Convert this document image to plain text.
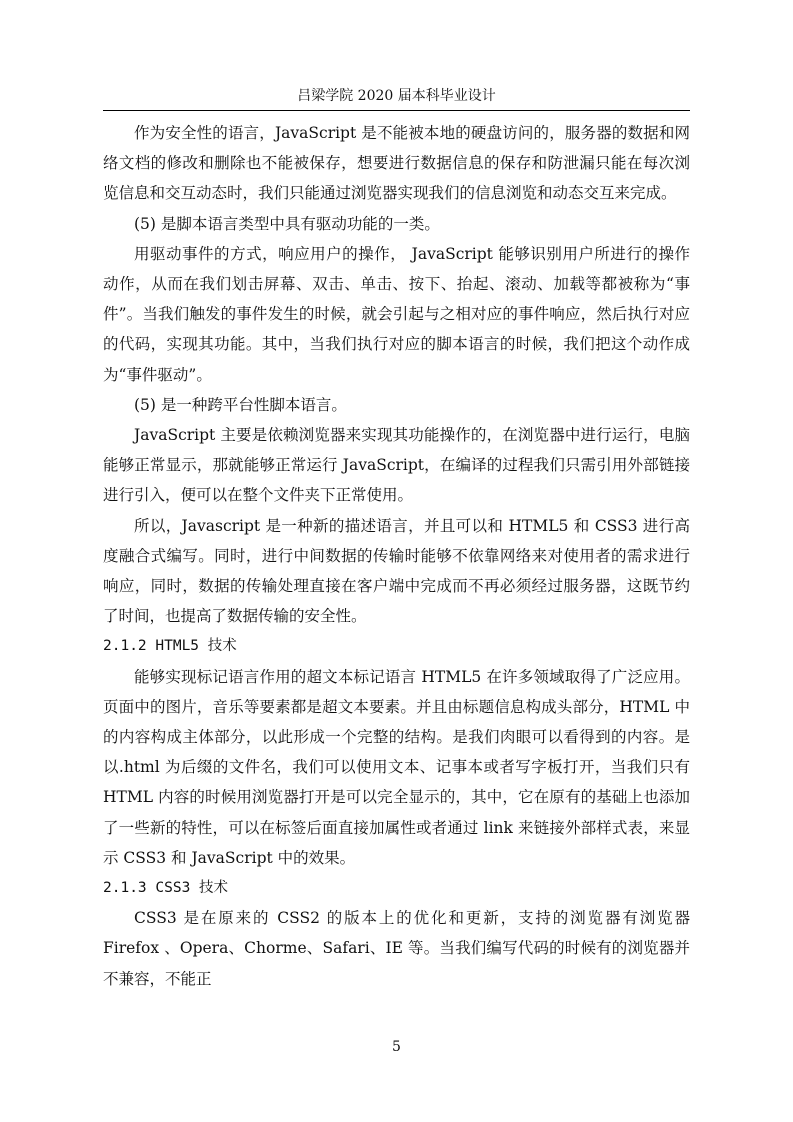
吕梁学院 2020 届本科毕业设计

作为安全性的语言，JavaScript 是不能被本地的硬盘访问的，服务器的数据和网络文档的修改和删除也不能被保存，想要进行数据信息的保存和防泄漏只能在每次浏览信息和交互动态时，我们只能通过浏览器实现我们的信息浏览和动态交互来完成。

(5) 是脚本语言类型中具有驱动功能的一类。

用驱动事件的方式，响应用户的操作， JavaScript 能够识别用户所进行的操作动作，从而在我们划击屏幕、双击、单击、按下、抬起、滚动、加载等都被称为“事件”。当我们触发的事件发生的时候，就会引起与之相对应的事件响应，然后执行对应的代码，实现其功能。其中，当我们执行对应的脚本语言的时候，我们把这个动作成为“事件驱动”。

(5) 是一种跨平台性脚本语言。

JavaScript 主要是依赖浏览器来实现其功能操作的，在浏览器中进行运行，电脑能够正常显示，那就能够正常运行 JavaScript，在编译的过程我们只需引用外部链接进行引入，便可以在整个文件夹下正常使用。

所以，Javascript 是一种新的描述语言，并且可以和 HTML5 和 CSS3 进行高度融合式编写。同时，进行中间数据的传输时能够不依靠网络来对使用者的需求进行响应，同时，数据的传输处理直接在客户端中完成而不再必须经过服务器，这既节约了时间，也提高了数据传输的安全性。

2.1.2 HTML5 技术

能够实现标记语言作用的超文本标记语言 HTML5 在许多领域取得了广泛应用。页面中的图片，音乐等要素都是超文本要素。并且由标题信息构成头部分，HTML 中的内容构成主体部分，以此形成一个完整的结构。是我们肉眼可以看得到的内容。是以.html 为后缀的文件名，我们可以使用文本、记事本或者写字板打开，当我们只有 HTML 内容的时候用浏览器打开是可以完全显示的，其中，它在原有的基础上也添加了一些新的特性，可以在标签后面直接加属性或者通过 link 来链接外部样式表，来显示 CSS3 和 JavaScript 中的效果。

2.1.3 CSS3 技术

CSS3 是在原来的 CSS2 的版本上的优化和更新，支持的浏览器有浏览器 Firefox 、Opera、Chorme、Safari、IE 等。当我们编写代码的时候有的浏览器并不兼容，不能正

5
